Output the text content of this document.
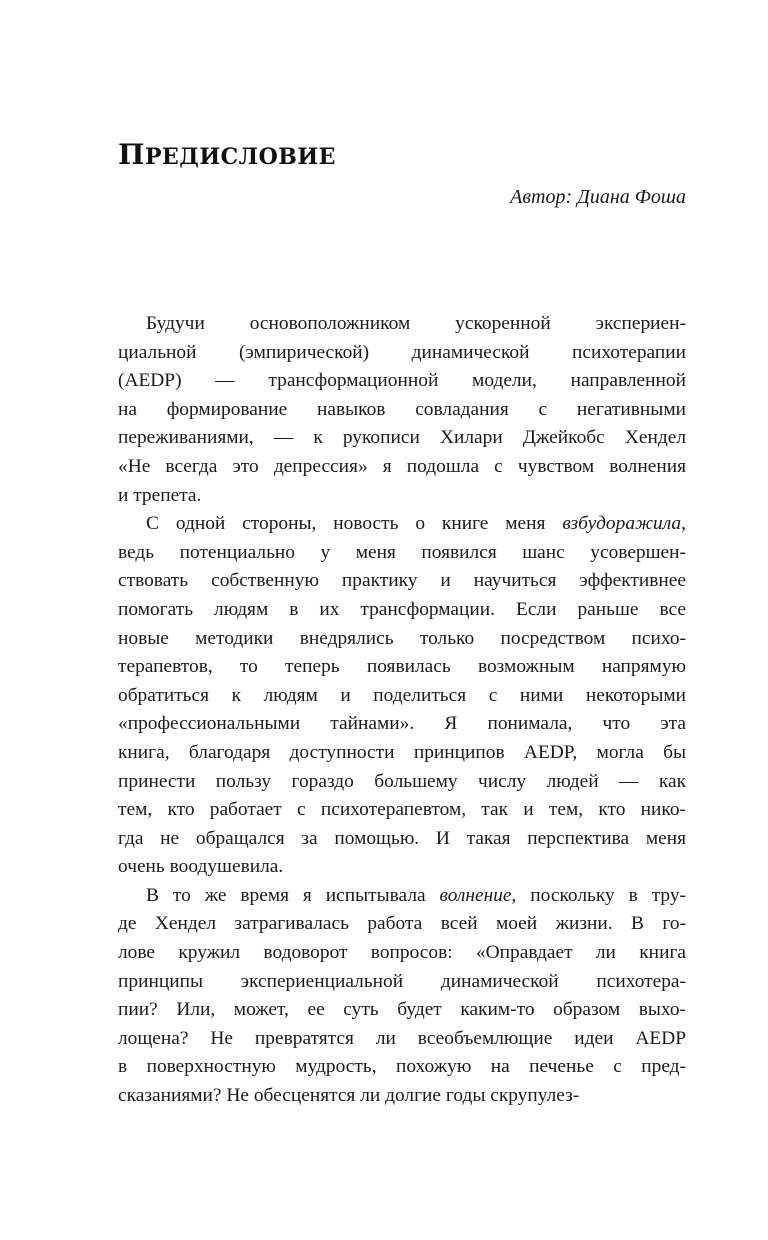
ПРЕДИСЛОВИЕ

Автор: Диана Фоша

Будучи основоположником ускоренной экспериен-
циальной (эмпирической) динамической психотерапии
(AEDP) — трансформационной модели, направленной
на формирование навыков совладания с негативными
переживаниями, — к рукописи Хилари Джейкобс Хендел
«Не всегда это депрессия» я подошла с чувством волнения
и трепета.
С одной стороны, новость о книге меня взбудоражила,
ведь потенциально у меня появился шанс усовершен-
ствовать собственную практику и научиться эффективнее
помогать людям в их трансформации. Если раньше все
новые методики внедрялись только посредством психо-
терапевтов, то теперь появилась возможным напрямую
обратиться к людям и поделиться с ними некоторыми
«профессиональными тайнами». Я понимала, что эта
книга, благодаря доступности принципов AEDP, могла бы
принести пользу гораздо большему числу людей — как
тем, кто работает с психотерапевтом, так и тем, кто нико-
гда не обращался за помощью. И такая перспектива меня
очень воодушевила.
В то же время я испытывала волнение, поскольку в тру-
де Хендел затрагивалась работа всей моей жизни. В го-
лове кружил водоворот вопросов: «Оправдает ли книга
принципы экспериенциальной динамической психотера-
пии? Или, может, ее суть будет каким-то образом выхо-
лощена? Не превратятся ли всеобъемлющие идеи AEDP
в поверхностную мудрость, похожую на печенье с пред-
сказаниями? Не обесценятся ли долгие годы скрупулез-
